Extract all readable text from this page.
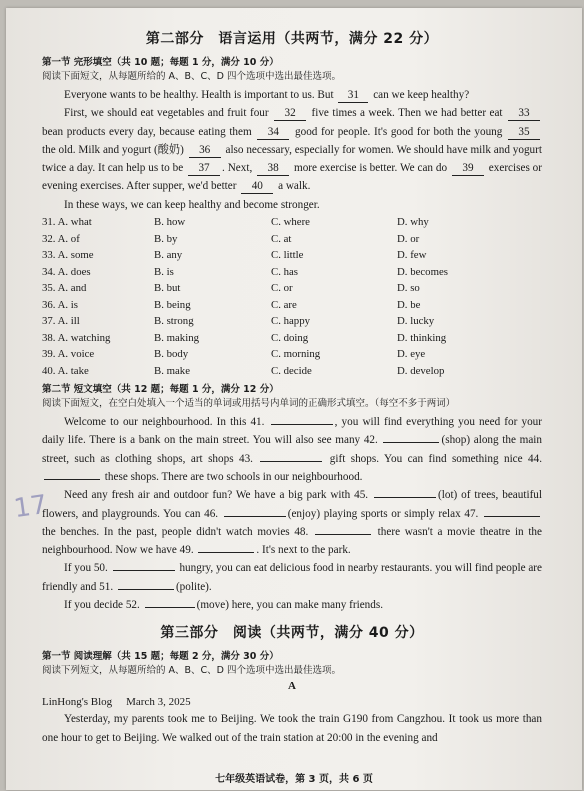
17
第二部分　语言运用（共两节，满分 22 分）
第一节 完形填空（共 10 题；每题 1 分，满分 10 分）
阅读下面短文，从每题所给的 A、B、C、D 四个选项中选出最佳选项。

Everyone wants to be healthy. Health is important to us. But 31 can we keep healthy?

First, we should eat vegetables and fruit four 32 five times a week. Then we had better eat 33 bean products every day, because eating them 34 good for people. It's good for both the young 35 the old. Milk and yogurt (酸奶) 36 also necessary, especially for women. We should have milk and yogurt twice a day. It can help us to be 37 . Next, 38 more exercise is better. We can do 39 exercises or evening exercises. After supper, we'd better 40 a walk.

In these ways, we can keep healthy and become stronger.

31. A. what	B. how	C. where	D. why
32. A. of	B. by	C. at	D. or
33. A. some	B. any	C. little	D. few
34. A. does	B. is	C. has	D. becomes
35. A. and	B. but	C. or	D. so
36. A. is	B. being	C. are	D. be
37. A. ill	B. strong	C. happy	D. lucky
38. A. watching	B. making	C. doing	D. thinking
39. A. voice	B. body	C. morning	D. eye
40. A. take	B. make	C. decide	D. develop
第二节 短文填空（共 12 题；每题 1 分，满分 12 分）
阅读下面短文，在空白处填入一个适当的单词或用括号内单词的正确形式填空。（每空不多于两词）

Welcome to our neighbourhood. In this 41.	, you will find everything you need for your daily life. There is a bank on the main street. You will also see many 42.	(shop) along the main street, such as clothing shops, art shops 43.	gift shops. You can find something nice 44.  these shops. There are two schools in our neighbourhood.

Need any fresh air and outdoor fun? We have a big park with 45.	(lot) of trees, beautiful flowers, and playgrounds. You can 46.	(enjoy) playing sports or simply relax 47.  the benches. In the past, people didn't watch movies 48.	there wasn't a movie theatre in the neighbourhood. Now we have 49.	. It's next to the park.

If you 50.	hungry, you can eat delicious food in nearby restaurants. you will find people are friendly and 51.	(polite).

If you decide 52.	(move) here, you can make many friends.

第三部分　阅读（共两节，满分 40 分）
第一节 阅读理解（共 15 题；每题 2 分，满分 30 分）
阅读下列短文，从每题所给的 A、B、C、D 四个选项中选出最佳选项。
A
LinHong's Blog March 3, 2025

Yesterday, my parents took me to Beijing. We took the train G190 from Cangzhou. It took us more than one hour to get to Beijing. We walked out of the train station at 20:00 in the evening and

七年级英语试卷，第 3 页，共 6 页
